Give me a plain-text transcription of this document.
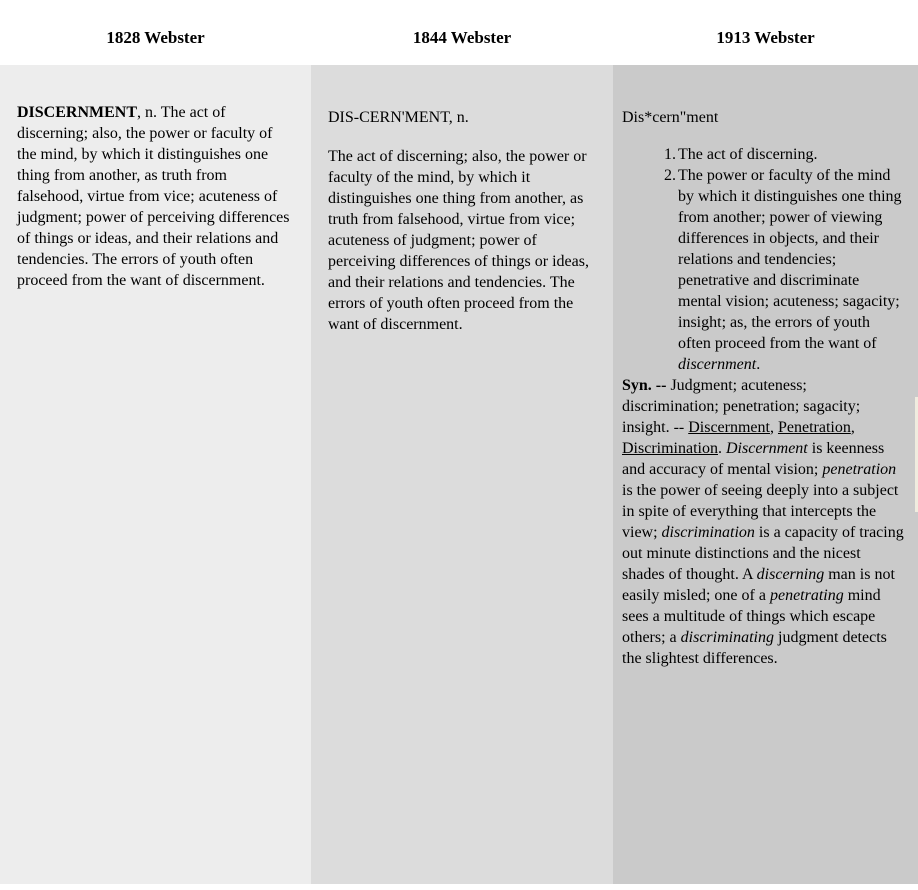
1828 Webster	1844 Webster	1913 Webster

DISCERNMENT, n. The act of discerning; also, the power or faculty of the mind, by which it distinguishes one thing from another, as truth from falsehood, virtue from vice; acuteness of judgment; power of perceiving differences of things or ideas, and their relations and tendencies. The errors of youth often proceed from the want of discernment.

DIS-CERN'MENT, n.

The act of discerning; also, the power or faculty of the mind, by which it distinguishes one thing from another, as truth from falsehood, virtue from vice; acuteness of judgment; power of perceiving differences of things or ideas, and their relations and tendencies. The errors of youth often proceed from the want of discernment.

Dis*cern"ment

1. The act of discerning.
2. The power or faculty of the mind by which it distinguishes one thing from another; power of viewing differences in objects, and their relations and tendencies; penetrative and discriminate mental vision; acuteness; sagacity; insight; as, the errors of youth often proceed from the want of discernment.

Syn. -- Judgment; acuteness; discrimination; penetration; sagacity; insight. -- Discernment, Penetration, Discrimination. Discernment is keenness and accuracy of mental vision; penetration is the power of seeing deeply into a subject in spite of everything that intercepts the view; discrimination is a capacity of tracing out minute distinctions and the nicest shades of thought. A discerning man is not easily misled; one of a penetrating mind sees a multitude of things which escape others; a discriminating judgment detects the slightest differences.
